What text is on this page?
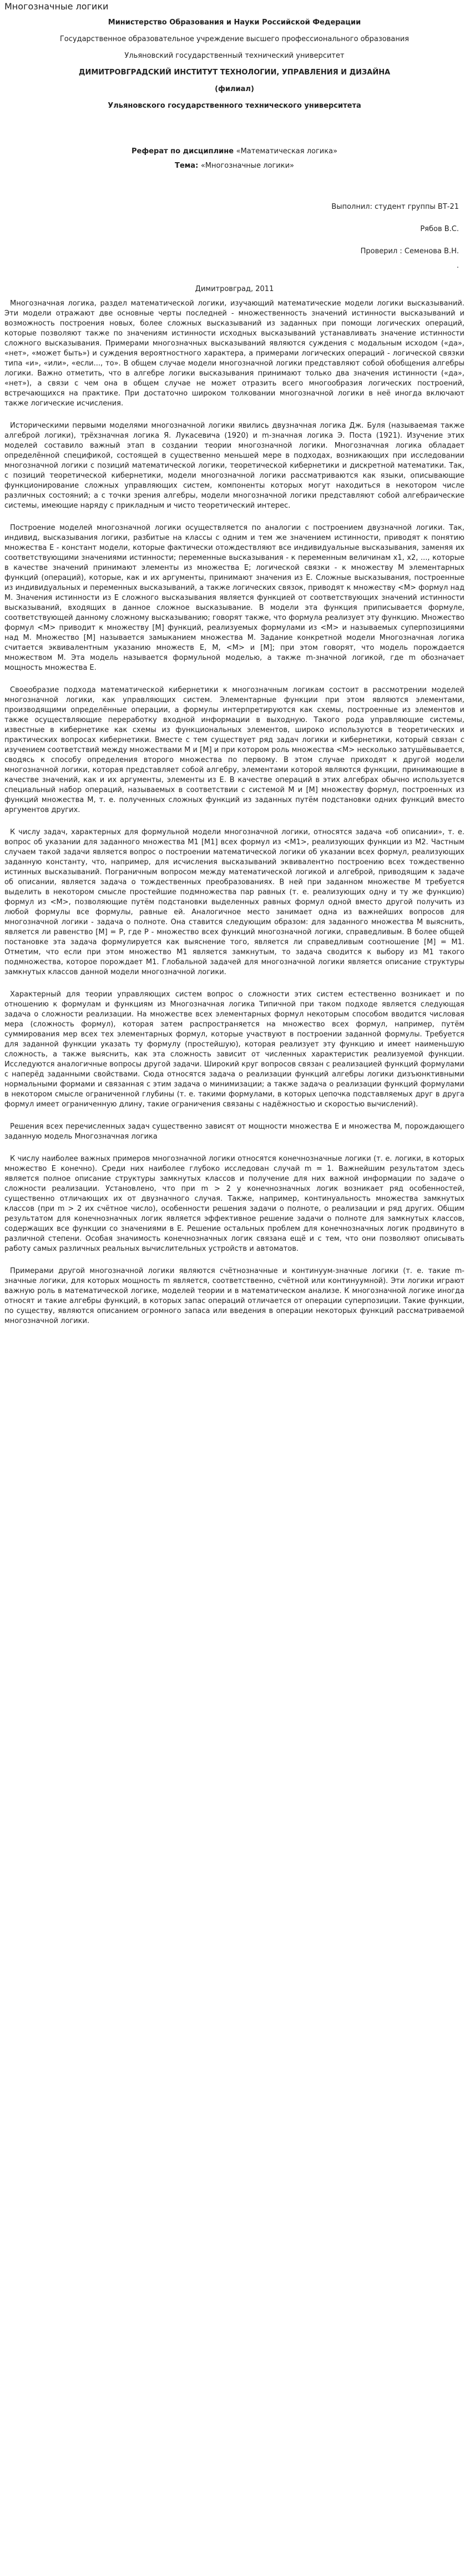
Многозначные логики

Министерство Образования и Науки Российской Федерации

Государственное образовательное учреждение высшего профессионального образования

Ульяновский государственный технический университет

ДИМИТРОВГРАДСКИЙ ИНСТИТУТ ТЕХНОЛОГИИ, УПРАВЛЕНИЯ И ДИЗАЙНА

(филиал)

Ульяновского государственного технического университета

Реферат по дисциплине «Математическая логика»

Тема: «Многозначные логики»

Выполнил: студент группы ВТ-21

Рябов В.С.

Проверил : Семенова В.Н.

.

Димитровград, 2011

Многозначная логика, раздел математической логики, изучающий математические модели логики высказываний. Эти модели отражают две основные черты последней - множественность значений истинности высказываний и возможность построения новых, более сложных высказываний из заданных при помощи логических операций, которые позволяют также по значениям истинности исходных высказываний устанавливать значение истинности сложного высказывания. Примерами многозначных высказываний являются суждения с модальным исходом («да», «нет», «может быть») и суждения вероятностного характера, а примерами логических операций - логической связки типа «и», «или», «если..., то». В общем случае модели многозначной логики представляют собой обобщения алгебры логики. Важно отметить, что в алгебре логики высказывания принимают только два значения истинности («да», «нет»), а связи с чем она в общем случае не может отразить всего многообразия логических построений, встречающихся на практике. При достаточно широком толковании многозначной логики в неё иногда включают также логические исчисления.

Историческими первыми моделями многозначной логики явились двузначная логика Дж. Буля (называемая также алгеброй логики), трёхзначная логика Я. Лукасевича (1920) и m-значная логика Э. Поста (1921). Изучение этих моделей составило важный этап в создании теории многозначной логики. Многозначная логика обладает определённой спецификой, состоящей в существенно меньшей мере в подходах, возникающих при исследовании многозначной логики с позиций математической логики, теоретической кибернетики и дискретной математики. Так, с позиций теоретической кибернетики, модели многозначной логики рассматриваются как языки, описывающие функционирование сложных управляющих систем, компоненты которых могут находиться в некотором числе различных состояний; а с точки зрения алгебры, модели многозначной логики представляют собой алгебраические системы, имеющие наряду с прикладным и чисто теоретический интерес.

Построение моделей многозначной логики осуществляется по аналогии с построением двузначной логики. Так, индивид, высказывания логики, разбитые на классы с одним и тем же значением истинности, приводят к понятию множества E - констант модели, которые фактически отождествляют все индивидуальные высказывания, заменяя их соответствующими значениями истинности; переменные высказывания - к переменным величинам x1, x2, ..., которые в качестве значений принимают элементы из множества E; логической связки - к множеству M элементарных функций (операций), которые, как и их аргументы, принимают значения из E. Сложные высказывания, построенные из индивидуальных и переменных высказываний, а также логических связок, приводят к множеству <M> формул над M. Значения истинности из E сложного высказывания является функцией от соответствующих значений истинности высказываний, входящих в данное сложное высказывание. В модели эта функция приписывается формуле, соответствующей данному сложному высказыванию; говорят также, что формула реализует эту функцию. Множество формул <M> приводит к множеству [M] функций, реализуемых формулами из <M> и называемых суперпозициями над M. Множество [M] называется замыканием множества M. Задание конкретной модели Многозначная логика считается эквивалентным указанию множеств E, M, <M> и [M]; при этом говорят, что модель порождается множеством M. Эта модель называется формульной моделью, а также m-значной логикой, где m обозначает мощность множества E.

Своеобразие подхода математической кибернетики к многозначным логикам состоит в рассмотрении моделей многозначной логики, как управляющих систем. Элементарные функции при этом являются элементами, производящими определённые операции, а формулы интерпретируются как схемы, построенные из элементов и также осуществляющие переработку входной информации в выходную. Такого рода управляющие системы, известные в кибернетике как схемы из функциональных элементов, широко используются в теоретических и практических вопросах кибернетики. Вместе с тем существует ряд задач логики и кибернетики, который связан с изучением соответствий между множествами M и [M] и при котором роль множества <M> несколько затушёвывается, сводясь к способу определения второго множества по первому. В этом случае приходят к другой модели многозначной логики, которая представляет собой алгебру, элементами которой являются функции, принимающие в качестве значений, как и их аргументы, элементы из E. В качестве операций в этих алгебрах обычно используется специальный набор операций, называемых в соответствии с системой M и [M] множеству формул, построенных из функций множества M, т. е. полученных сложных функций из заданных путём подстановки одних функций вместо аргументов других.

К числу задач, характерных для формульной модели многозначной логики, относятся задача «об описании», т. е. вопрос об указании для заданного множества M1 [M1] всех формул из <M1>, реализующих функции из M2. Частным случаем такой задачи является вопрос о построении математической логики об указании всех формул, реализующих заданную константу, что, например, для исчисления высказываний эквивалентно построению всех тождественно истинных высказываний. Пограничным вопросом между математической логикой и алгеброй, приводящим к задаче об описании, является задача о тождественных преобразованиях. В ней при заданном множестве M требуется выделить в некотором смысле простейшие подмножества пар равных (т. е. реализующих одну и ту же функцию) формул из <M>, позволяющие путём подстановки выделенных равных формул одной вместо другой получить из любой формулы все формулы, равные ей. Аналогичное место занимает одна из важнейших вопросов для многозначной логики - задача о полноте. Она ставится следующим образом: для заданного множества M выяснить, является ли равенство [M] = P, где P - множество всех функций многозначной логики, справедливым. В более общей постановке эта задача формулируется как выяснение того, является ли справедливым соотношение [M] = M1. Отметим, что если при этом множество M1 является замкнутым, то задача сводится к выбору из M1 такого подмножества, которое порождает M1. Глобальной задачей для многозначной логики является описание структуры замкнутых классов данной модели многозначной логики.

Характерный для теории управляющих систем вопрос о сложности этих систем естественно возникает и по отношению к формулам и функциям из Многозначная логика Типичной при таком подходе является следующая задача о сложности реализации. На множестве всех элементарных формул некоторым способом вводится числовая мера (сложность формул), которая затем распространяется на множество всех формул, например, путём суммирования мер всех тех элементарных формул, которые участвуют в построении заданной формулы. Требуется для заданной функции указать ту формулу (простейшую), которая реализует эту функцию и имеет наименьшую сложность, а также выяснить, как эта сложность зависит от численных характеристик реализуемой функции. Исследуются аналогичные вопросы другой задачи. Широкий круг вопросов связан с реализацией функций формулами с наперёд заданными свойствами. Сюда относятся задача о реализации функций алгебры логики дизъюнктивными нормальными формами и связанная с этим задача о минимизации; а также задача о реализации функций формулами в некотором смысле ограниченной глубины (т. е. такими формулами, в которых цепочка подставляемых друг в друга формул имеет ограниченную длину, такие ограничения связаны с надёжностью и скоростью вычислений).

Решения всех перечисленных задач существенно зависят от мощности множества E и множества M, порождающего заданную модель Многозначная логика

К числу наиболее важных примеров многозначной логики относятся конечнозначные логики (т. е. логики, в которых множество E конечно). Среди них наиболее глубоко исследован случай m = 1. Важнейшим результатом здесь является полное описание структуры замкнутых классов и получение для них важной информации по задаче о сложности реализации. Установлено, что при m > 2 у конечнозначных логик возникает ряд особенностей, существенно отличающих их от двузначного случая. Также, например, континуальность множества замкнутых классов (при m > 2 их счётное число), особенности решения задачи о полноте, о реализации и ряд других. Общим результатом для конечнозначных логик является эффективное решение задачи о полноте для замкнутых классов, содержащих все функции со значениями в E. Решение остальных проблем для конечнозначных логик продвинуто в различной степени. Особая значимость конечнозначных логик связана ещё и с тем, что они позволяют описывать работу самых различных реальных вычислительных устройств и автоматов.

Примерами другой многозначной логики являются счётнозначные и континуум-значные логики (т. е. такие m-значные логики, для которых мощность m является, соответственно, счётной или континуумной). Эти логики играют важную роль в математической логике, моделей теории и в математическом анализе. К многозначной логике иногда относят и такие алгебры функций, в которых запас операций отличается от операции суперпозиции. Такие функции, по существу, являются описанием огромного запаса или введения в операции некоторых функций рассматриваемой многозначной логики.
